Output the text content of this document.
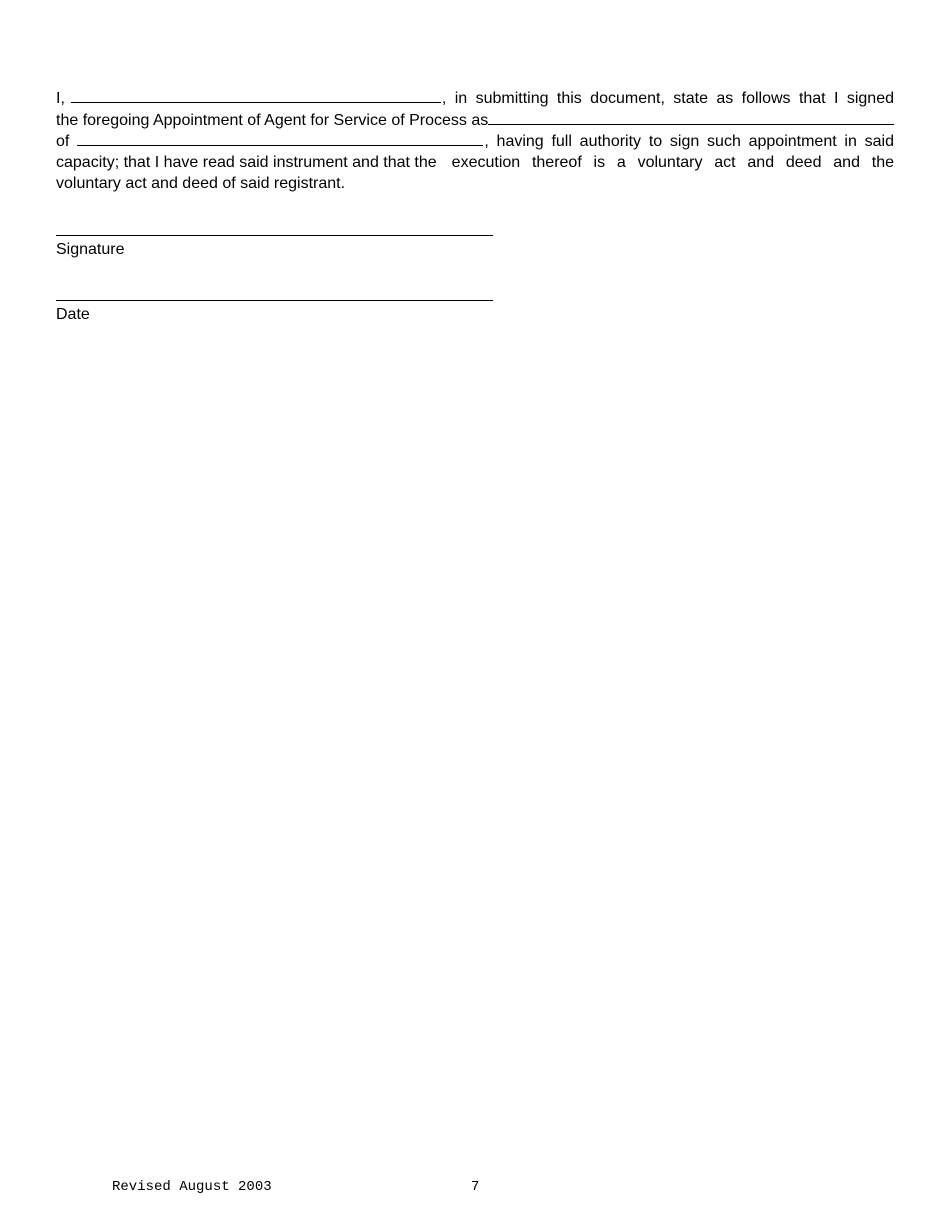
I,	, in submitting this document, state as follows that I signed
the foregoing Appointment of Agent for Service of Process as
of	, having full authority to sign such appointment in said
capacity; that I have read said instrument and that the execution thereof is a voluntary act and deed and the
voluntary act and deed of said registrant.
Signature
Date
Revised August 2003	7
